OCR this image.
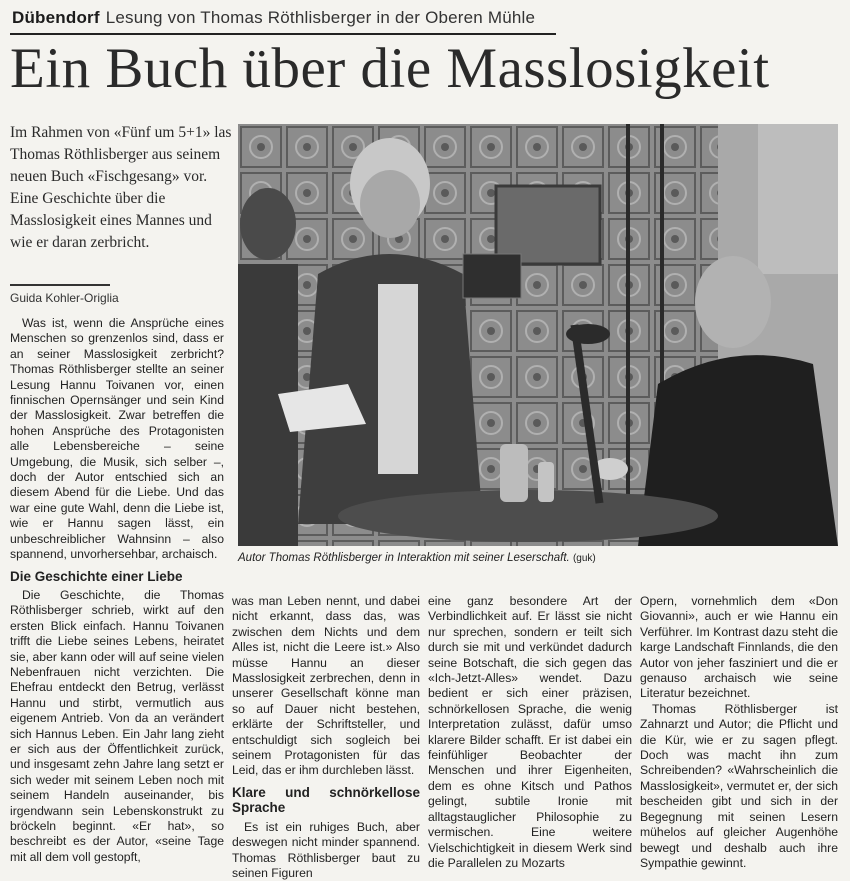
Dübendorf Lesung von Thomas Röthlisberger in der Oberen Mühle
Ein Buch über die Masslosigkeit
Im Rahmen von «Fünf um 5+1» las Thomas Röthlisberger aus seinem neuen Buch «Fischgesang» vor. Eine Geschichte über die Masslosigkeit eines Mannes und wie er daran zerbricht.
Guida Kohler-Origlia

Was ist, wenn die Ansprüche eines Menschen so grenzenlos sind, dass er an seiner Masslosigkeit zerbricht? Thomas Röthlisberger stellte an seiner Lesung Hannu Toivanen vor, einen finnischen Opernsänger und sein Kind der Masslosigkeit. Zwar betreffen die hohen Ansprüche des Protagonisten alle Lebensbereiche – seine Umgebung, die Musik, sich selber –, doch der Autor entschied sich an diesem Abend für die Liebe. Und das war eine gute Wahl, denn die Liebe ist, wie er Hannu sagen lässt, ein unbeschreiblicher Wahnsinn – also spannend, unvorhersehbar, archaisch.

Die Geschichte einer Liebe

Die Geschichte, die Thomas Röthlisberger schrieb, wirkt auf den ersten Blick einfach. Hannu Toivanen trifft die Liebe seines Lebens, heiratet sie, aber kann oder will auf seine vielen Nebenfrauen nicht verzichten. Die Ehefrau entdeckt den Betrug, verlässt Hannu und stirbt, vermutlich aus eigenem Antrieb. Von da an verändert sich Hannus Leben. Ein Jahr lang zieht er sich aus der Öffentlichkeit zurück, und insgesamt zehn Jahre lang setzt er sich weder mit seinem Leben noch mit seinem Handeln auseinander, bis irgendwann sein Lebenskonstrukt zu bröckeln beginnt. «Er hat», so beschreibt es der Autor, «seine Tage mit all dem voll gestopft,

Autor Thomas Röthlisberger in Interaktion mit seiner Leserschaft. (guk)

was man Leben nennt, und dabei nicht erkannt, dass das, was zwischen dem Nichts und dem Alles ist, nicht die Leere ist.» Also müsse Hannu an dieser Masslosigkeit zerbrechen, denn in unserer Gesellschaft könne man so auf Dauer nicht bestehen, erklärte der Schriftsteller, und entschuldigt sich sogleich bei seinem Protagonisten für das Leid, das er ihm durchleben lässt.

Klare und schnörkellose Sprache

Es ist ein ruhiges Buch, aber deswegen nicht minder spannend. Thomas Röthlisberger baut zu seinen Figuren

eine ganz besondere Art der Verbindlichkeit auf. Er lässt sie nicht nur sprechen, sondern er teilt sich durch sie mit und verkündet dadurch seine Botschaft, die sich gegen das «Ich-Jetzt-Alles» wendet. Dazu bedient er sich einer präzisen, schnörkellosen Sprache, die wenig Interpretation zulässt, dafür umso klarere Bilder schafft. Er ist dabei ein feinfühliger Beobachter der Menschen und ihrer Eigenheiten, dem es ohne Kitsch und Pathos gelingt, subtile Ironie mit alltagstauglicher Philosophie zu vermischen. Eine weitere Vielschichtigkeit in diesem Werk sind die Parallelen zu Mozarts

Opern, vornehmlich dem «Don Giovanni», auch er wie Hannu ein Verführer. Im Kontrast dazu steht die karge Landschaft Finnlands, die den Autor von jeher fasziniert und die er genauso archaisch wie seine Literatur bezeichnet.

Thomas Röthlisberger ist Zahnarzt und Autor; die Pflicht und die Kür, wie er zu sagen pflegt. Doch was macht ihn zum Schreibenden? «Wahrscheinlich die Masslosigkeit», vermutet er, der sich bescheiden gibt und sich in der Begegnung mit seinen Lesern mühelos auf gleicher Augenhöhe bewegt und deshalb auch ihre Sympathie gewinnt.
